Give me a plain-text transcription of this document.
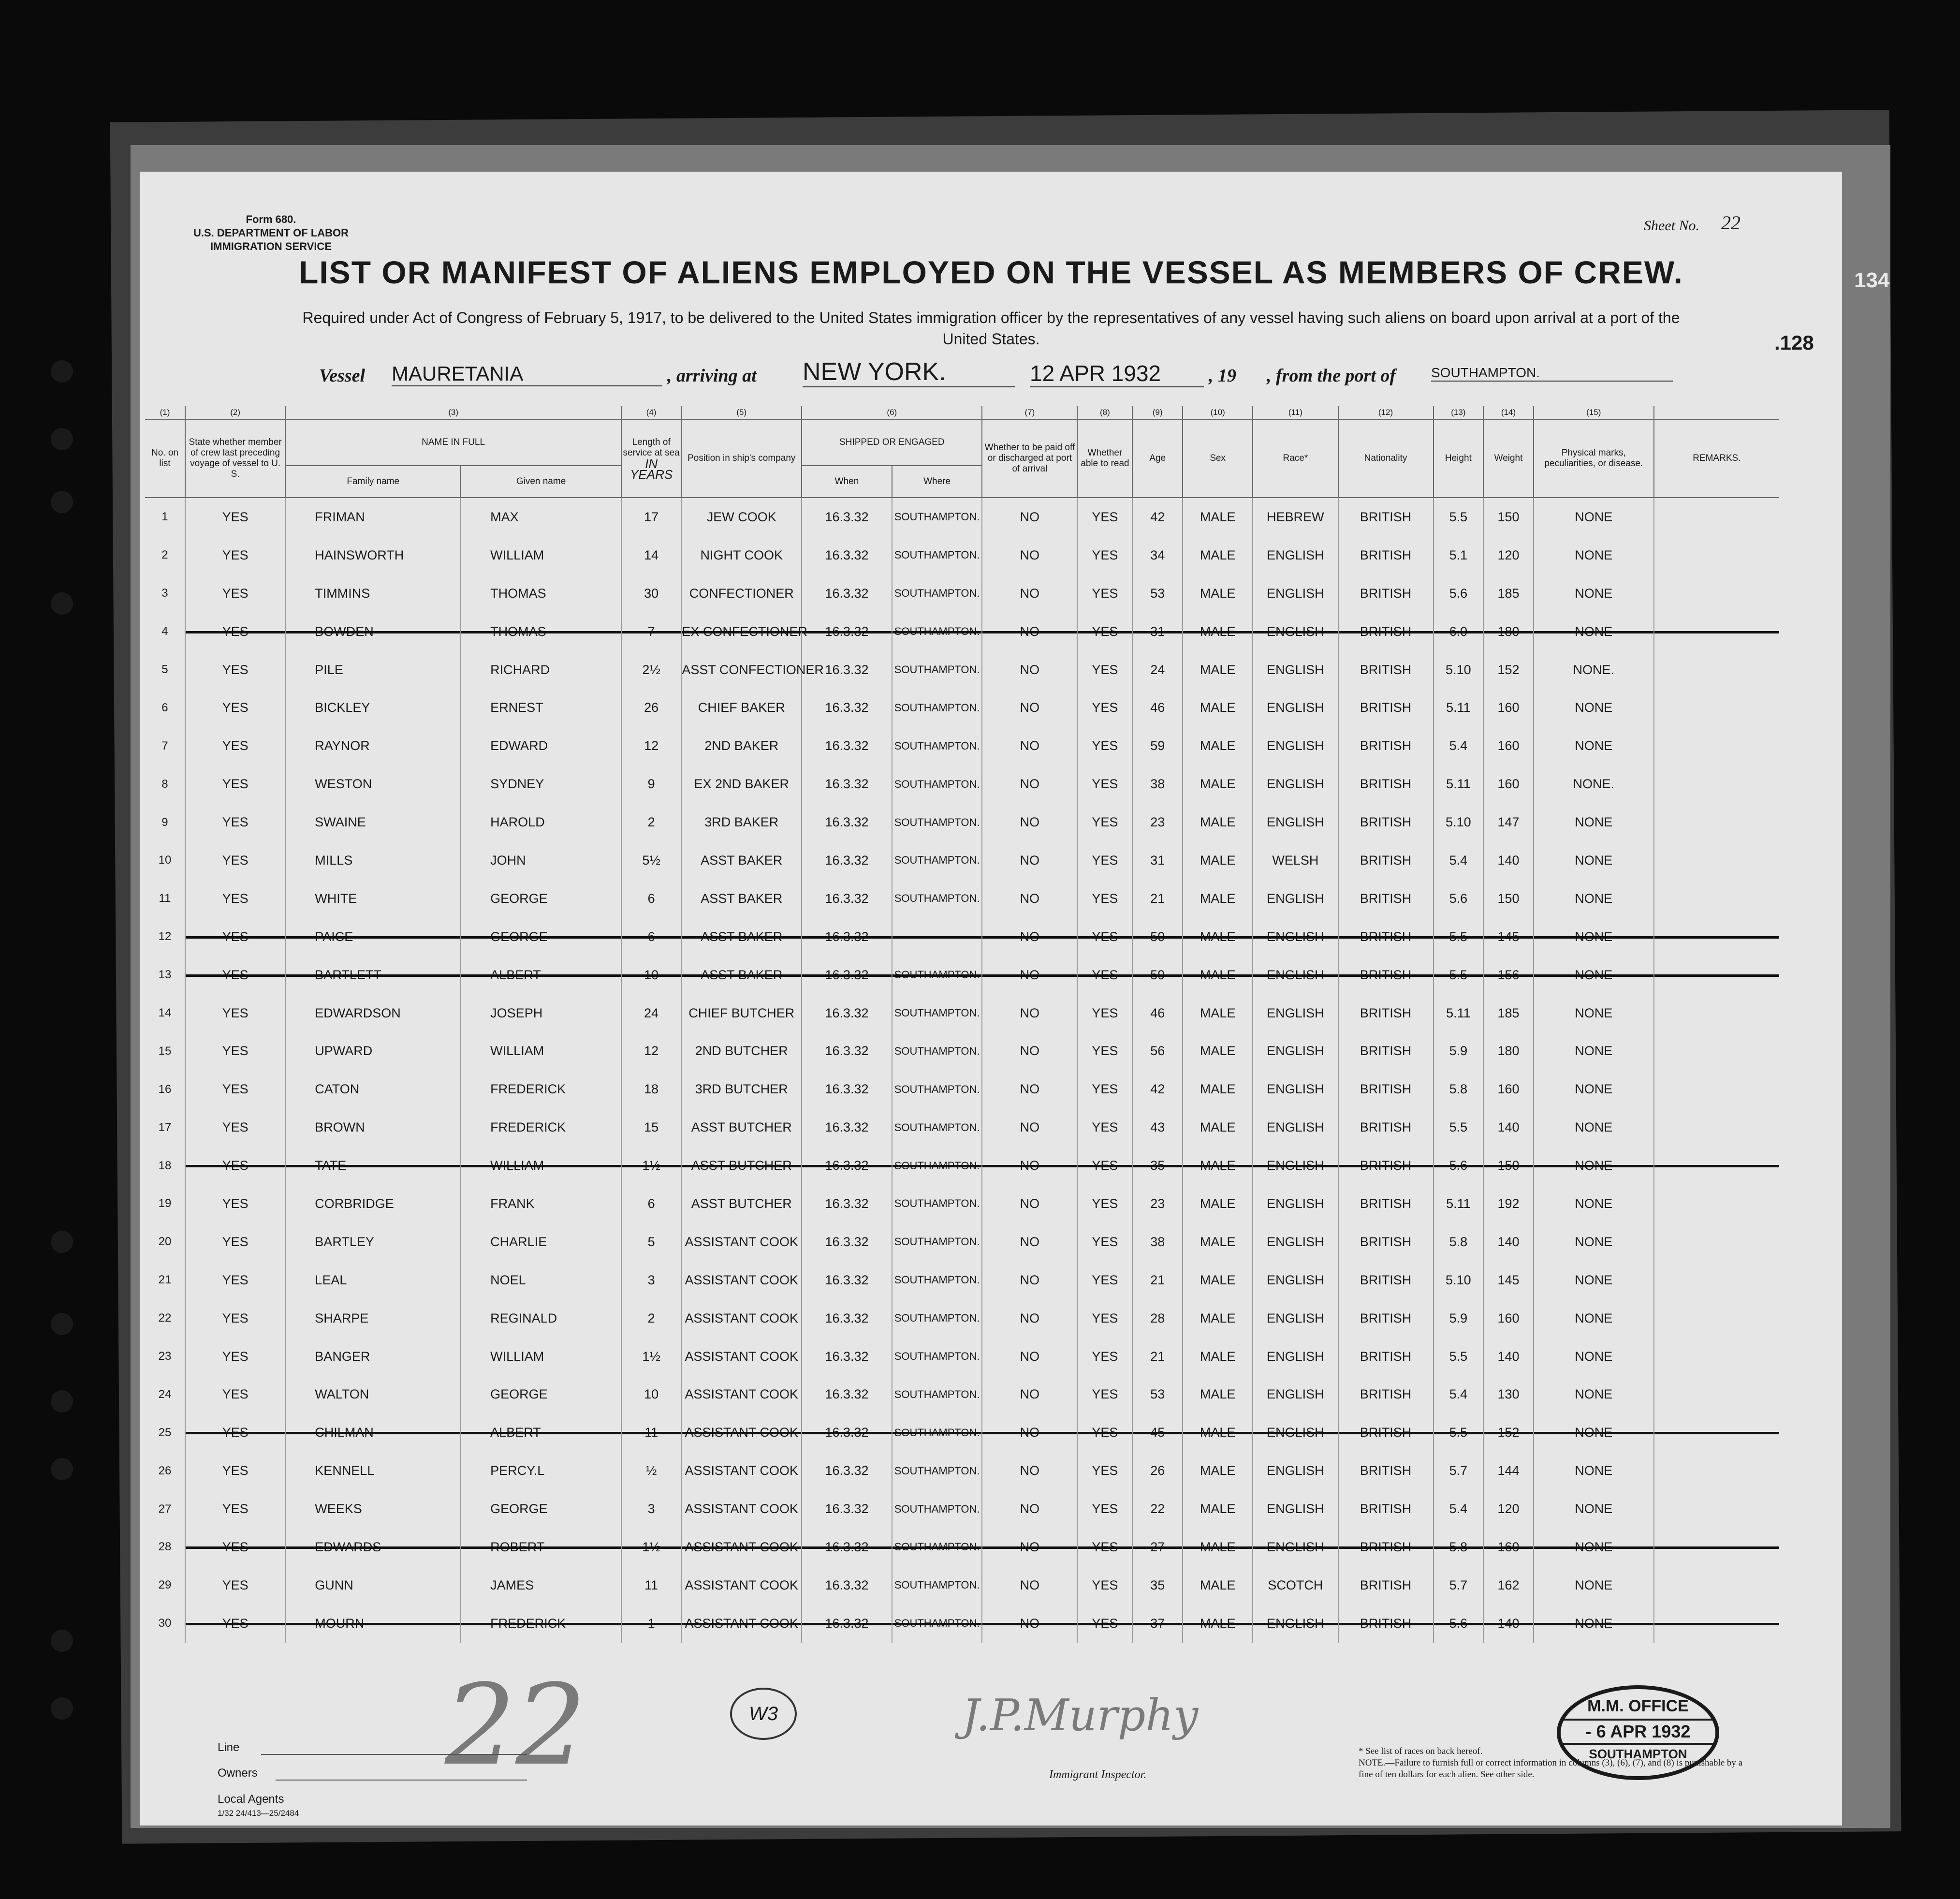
134
Form 680.
U.S. DEPARTMENT OF LABOR
IMMIGRATION SERVICE
Sheet No. 22
LIST OR MANIFEST OF ALIENS EMPLOYED ON THE VESSEL AS MEMBERS OF CREW.
Required under Act of Congress of February 5, 1917, to be delivered to the United States immigration officer by the representatives of any vessel having such aliens on board upon arrival at a port of the United States.	.128
Vessel MAURETANIA	, arriving at NEW YORK.	12 APR 1932	, 19 , from the port of	SOUTHAMPTON.
(1)	(2)	(3)		(4)	(5)	(6)		(7)	(8)	(9)	(10)	(11)	(12)	(13)	(14)	(15)	
No. on list	State whether member of crew last preceding voyage of vessel to U. S.	NAME IN FULL		Length of service at sea
IN YEARS	Position in ship's company	SHIPPED OR ENGAGED		Whether to be paid off or discharged at port of arrival	Whether able to read	Age	Sex	Race*	Nationality	Height	Weight	Physical marks, peculiarities, or disease.	REMARKS.
		Family name	Given name			When	Where										
1	YES	FRIMAN	MAX	17	JEW COOK	16.3.32	SOUTHAMPTON.	NO	YES	42	MALE	HEBREW	BRITISH	5.5	150	NONE	
2	YES	HAINSWORTH	WILLIAM	14	NIGHT COOK	16.3.32	SOUTHAMPTON.	NO	YES	34	MALE	ENGLISH	BRITISH	5.1	120	NONE	
3	YES	TIMMINS	THOMAS	30	CONFECTIONER	16.3.32	SOUTHAMPTON.	NO	YES	53	MALE	ENGLISH	BRITISH	5.6	185	NONE	
4	YES	BOWDEN	THOMAS	7	EX CONFECTIONER	16.3.32	SOUTHAMPTON.	NO	YES	31	MALE	ENGLISH	BRITISH	6.0	180	NONE	
5	YES	PILE	RICHARD	2½	ASST CONFECTIONER	16.3.32	SOUTHAMPTON.	NO	YES	24	MALE	ENGLISH	BRITISH	5.10	152	NONE.	
6	YES	BICKLEY	ERNEST	26	CHIEF BAKER	16.3.32	SOUTHAMPTON.	NO	YES	46	MALE	ENGLISH	BRITISH	5.11	160	NONE	
7	YES	RAYNOR	EDWARD	12	2ND BAKER	16.3.32	SOUTHAMPTON.	NO	YES	59	MALE	ENGLISH	BRITISH	5.4	160	NONE	
8	YES	WESTON	SYDNEY	9	EX 2ND BAKER	16.3.32	SOUTHAMPTON.	NO	YES	38	MALE	ENGLISH	BRITISH	5.11	160	NONE.	
9	YES	SWAINE	HAROLD	2	3RD BAKER	16.3.32	SOUTHAMPTON.	NO	YES	23	MALE	ENGLISH	BRITISH	5.10	147	NONE	
10	YES	MILLS	JOHN	5½	ASST BAKER	16.3.32	SOUTHAMPTON.	NO	YES	31	MALE	WELSH	BRITISH	5.4	140	NONE	
11	YES	WHITE	GEORGE	6	ASST BAKER	16.3.32	SOUTHAMPTON.	NO	YES	21	MALE	ENGLISH	BRITISH	5.6	150	NONE	
12	YES	PAICE	GEORGE	6	ASST BAKER	16.3.32		NO	YES	50	MALE	ENGLISH	BRITISH	5.5	145	NONE	
13	YES	BARTLETT	ALBERT	10	ASST BAKER	16.3.32	SOUTHAMPTON.	NO	YES	59	MALE	ENGLISH	BRITISH	5.5	156	NONE	
14	YES	EDWARDSON	JOSEPH	24	CHIEF BUTCHER	16.3.32	SOUTHAMPTON.	NO	YES	46	MALE	ENGLISH	BRITISH	5.11	185	NONE	
15	YES	UPWARD	WILLIAM	12	2ND BUTCHER	16.3.32	SOUTHAMPTON.	NO	YES	56	MALE	ENGLISH	BRITISH	5.9	180	NONE	
16	YES	CATON	FREDERICK	18	3RD BUTCHER	16.3.32	SOUTHAMPTON.	NO	YES	42	MALE	ENGLISH	BRITISH	5.8	160	NONE	
17	YES	BROWN	FREDERICK	15	ASST BUTCHER	16.3.32	SOUTHAMPTON.	NO	YES	43	MALE	ENGLISH	BRITISH	5.5	140	NONE	
18	YES	TATE	WILLIAM	1½	ASST BUTCHER	16.3.32	SOUTHAMPTON.	NO	YES	35	MALE	ENGLISH	BRITISH	5.6	150	NONE	
19	YES	CORBRIDGE	FRANK	6	ASST BUTCHER	16.3.32	SOUTHAMPTON.	NO	YES	23	MALE	ENGLISH	BRITISH	5.11	192	NONE	
20	YES	BARTLEY	CHARLIE	5	ASSISTANT COOK	16.3.32	SOUTHAMPTON.	NO	YES	38	MALE	ENGLISH	BRITISH	5.8	140	NONE	
21	YES	LEAL	NOEL	3	ASSISTANT COOK	16.3.32	SOUTHAMPTON.	NO	YES	21	MALE	ENGLISH	BRITISH	5.10	145	NONE	
22	YES	SHARPE	REGINALD	2	ASSISTANT COOK	16.3.32	SOUTHAMPTON.	NO	YES	28	MALE	ENGLISH	BRITISH	5.9	160	NONE	
23	YES	BANGER	WILLIAM	1½	ASSISTANT COOK	16.3.32	SOUTHAMPTON.	NO	YES	21	MALE	ENGLISH	BRITISH	5.5	140	NONE	
24	YES	WALTON	GEORGE	10	ASSISTANT COOK	16.3.32	SOUTHAMPTON.	NO	YES	53	MALE	ENGLISH	BRITISH	5.4	130	NONE	
25	YES	CHILMAN	ALBERT	11	ASSISTANT COOK	16.3.32	SOUTHAMPTON.	NO	YES	45	MALE	ENGLISH	BRITISH	5.5	152	NONE	
26	YES	KENNELL	PERCY.L	½	ASSISTANT COOK	16.3.32	SOUTHAMPTON.	NO	YES	26	MALE	ENGLISH	BRITISH	5.7	144	NONE	
27	YES	WEEKS	GEORGE	3	ASSISTANT COOK	16.3.32	SOUTHAMPTON.	NO	YES	22	MALE	ENGLISH	BRITISH	5.4	120	NONE	
28	YES	EDWARDS	ROBERT	1½	ASSISTANT COOK	16.3.32	SOUTHAMPTON.	NO	YES	27	MALE	ENGLISH	BRITISH	5.8	160	NONE	
29	YES	GUNN	JAMES	11	ASSISTANT COOK	16.3.32	SOUTHAMPTON.	NO	YES	35	MALE	SCOTCH	BRITISH	5.7	162	NONE	
30	YES	MOURN	FREDERICK	1	ASSISTANT COOK	16.3.32	SOUTHAMPTON.	NO	YES	37	MALE	ENGLISH	BRITISH	5.6	140	NONE	
22	W3	J.P.Murphy
Immigrant Inspector.
Line
Owners
Local Agents
1/32 24/413—25/2484
* See list of races on back hereof.
NOTE.—Failure to furnish full or correct information in columns (3), (6), (7), and (8) is punishable by a fine of ten dollars for each alien. See other side.
M.M. OFFICE
- 6 APR 1932
SOUTHAMPTON
